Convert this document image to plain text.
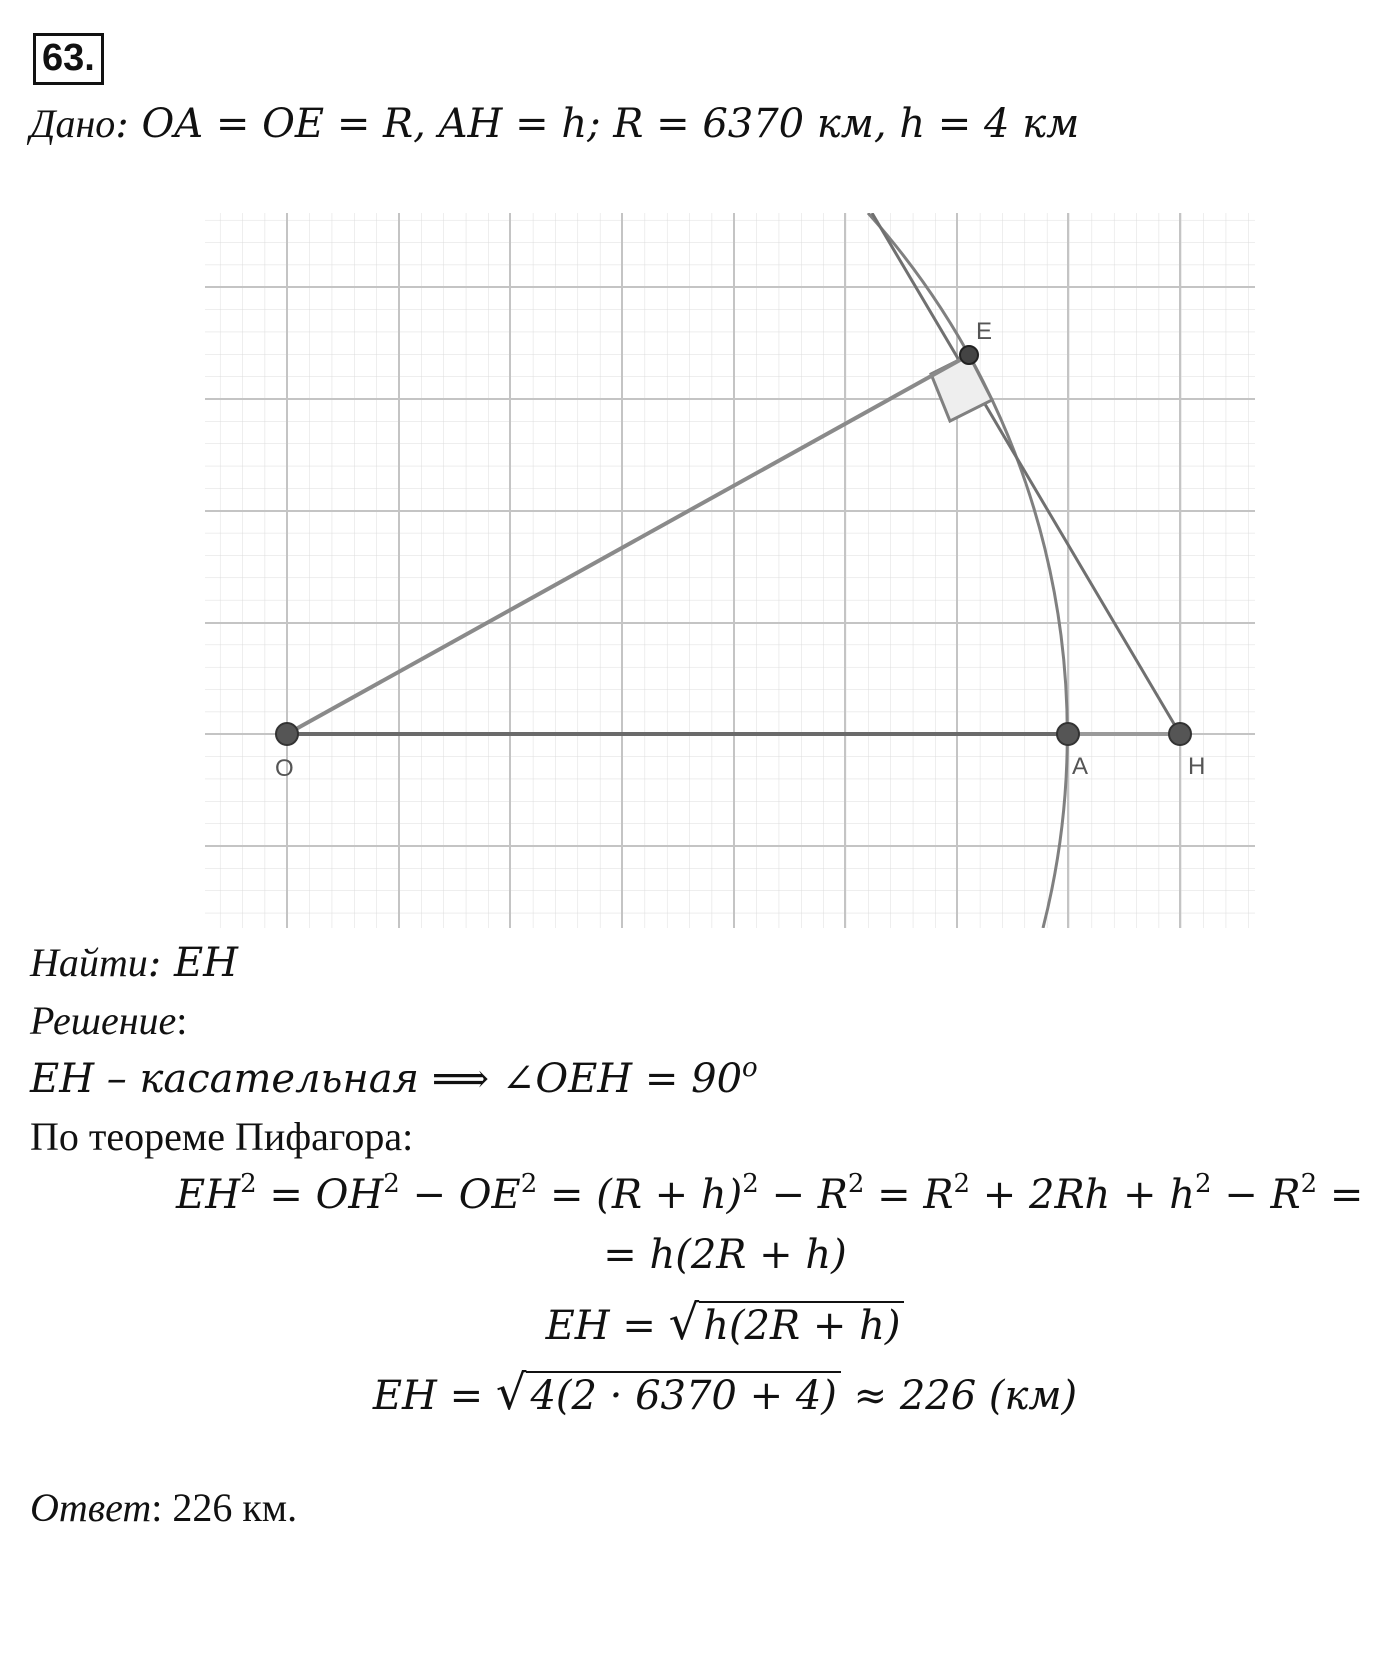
63.
Дано: OA = OE = R, AH = h; R = 6370 км, h = 4 км
E
O	A	H
Найти: EH
Решение:
EH – касательная ⟹ ∠OEH = $90^o$
По теореме Пифагора:
$EH^2 = OH^2 - OE^2 = (R + h)^2 - R^2 = R^2 + 2Rh + h^2 - R^2$ =
= h(2R + h)
EH = √ h(2R + h)
EH = √ 4(2 · 6370 + 4) ≈ 226 (км)
Ответ: 226 км.
